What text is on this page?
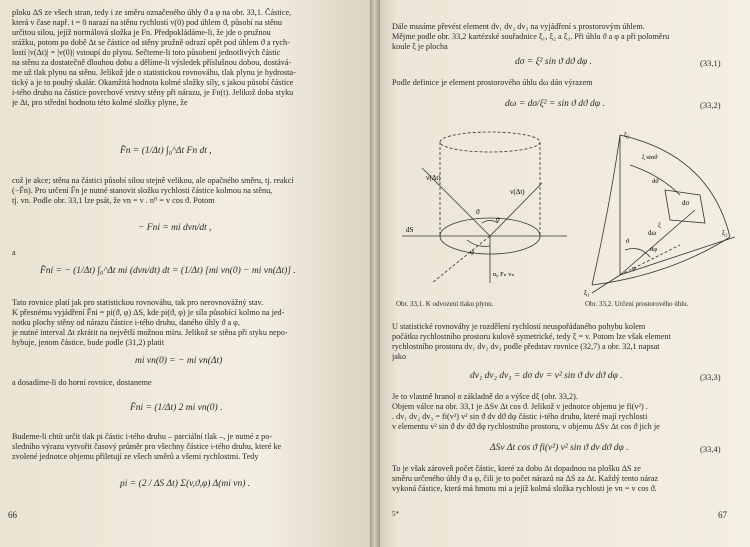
ploku ΔS ze všech stran, tedy i ze směru označeného úhly ϑ a φ na obr. 33,1. Částice,
která v čase např. t = 0 narazí na stěnu rychlostí v(0) pod úhlem ϑ, působí na stěnu
určitou silou, jejíž normálová složka je Fn. Předpokládáme-li, že jde o pružnou
srážku, potom po době Δt se částice od stěny pružně odrazí opět pod úhlem ϑ a rych-
lostí |v(Δt)| = |v(0)| vstoupí do plynu. Sečteme-li toto působení jednotlivých částic
na stěnu za dostatečně dlouhou dobu a dělíme-li výsledek příslušnou dobou, dostává-
me už tlak plynu na stěnu. Jelikož jde o statistickou rovnováhu, tlak plynu je hydrosta-
tický a je to pouhý skalár. Okamžitá hodnota kolmé složky síly, s jakou působí částice
i-tého druhu na částice povrchové vrstvy stěny při nárazu, je Fn(t). Jelikož doba styku
je Δt, pro střední hodnotu této kolmé složky plyne, že
F̄n = (1/Δt) ∫₀^Δt Fn dt ,
což je akce; stěna na částici působí silou stejně velikou, ale opačného směru, tj. reakcí
(−F̄n). Pro určení F̄n je nutné stanovit složku rychlosti částice kolmou na stěnu,
tj. vn. Podle obr. 33,1 lze psát, že vn = v . n⁰ = v cos ϑ. Potom
− Fni = mi dvn/dt ,
a
F̄ni = − (1/Δt) ∫₀^Δt mi (dvn/dt) dt = (1/Δt) [mi vn(0) − mi vn(Δt)] .
Tato rovnice platí jak pro statistickou rovnováhu, tak pro nerovnovážný stav.
K přesnému vyjádření F̄ni = pi(ϑ, φ) ΔS, kde pi(ϑ, φ) je síla působící kolmo na jed-
notku plochy stěny od nárazu částice i-tého druhu, daného úhly ϑ a φ,
je nutné interval Δt zkrátit na největší možnou míru. Jelikož se stěna při styku nepo-
hybuje, jenom částice, bude podle (31,2) platit
mi vn(0) = − mi vn(Δt)
a dosadíme-li do horní rovnice, dostaneme
F̄ni = (1/Δt) 2 mi vn(0) .
Budeme-li chtít určit tlak pi částic i-tého druhu – parciální tlak –, je nutné z po-
sledního výrazu vytvořit časový průměr pro všechny částice i-tého druhu, které ke
zvolené jednotce objemu přiletují ze všech směrů a všemi rychlostmi. Tedy
pi = (2 / ΔS Δt) Σ(v,ϑ,φ) Δ(mi vn) .
66
Dále musíme převést element dv₁ dv₂ dv₃ na vyjádření s prostorovým úhlem.
Mějme podle obr. 33,2 kartézské souřadnice ξ₁, ξ₂ a ξ₃. Při úhlu ϑ a φ a při poloměru
koule ξ je plocha
dσ = ξ² sin ϑ dϑ dφ .	(33,1)
Podle definice je element prostorového úhlu dω dán výrazem
dω = dσ/ξ² = sin ϑ dϑ dφ .	(33,2)
v(Δt)
v(Δt)
dS
ϑ
φ
ϑ
n₀ Fₙ vₙ
Obr. 33,1. K odvození tlaku plynu.
ξ₃
ξ sinϑ
dϑ
dσ
dω
dφ
ϑ
φ
ξ₂
ξ₁
ξ
Obr. 33,2. Určení prostorového úhlu.
U statistické rovnováhy je rozdělení rychlostí neuspořádaného pohybu kolem
počátku rychlostního prostoru kulově symetrické, tedy ξ = v. Potom lze však element
rychlostního prostoru dv₁ dv₂ dv₃ podle představ rovnice (32,7) a obr. 32,1 napsat
jako
dv₁ dv₂ dv₃ = dσ dv = v² sin ϑ dv dϑ dφ .	(33,3)
Je to vlastně hranol o základně dσ a výšce dξ (obr. 33,2).
Objem válce na obr. 33,1 je ΔSv Δt cos ϑ. Jelikož v jednotce objemu je fi(v²) .
. dv₁ dv₂ dv₃ = fi(v²) v² sin ϑ dv dϑ dφ částic i-tého druhu, které mají rychlosti
v elementu v² sin ϑ dv dϑ dφ rychlostního prostoru, v objemu ΔSv Δt cos ϑ jich je
ΔSv Δt cos ϑ fi(v²) v² sin ϑ dv dϑ dφ .	(33,4)
To je však zároveň počet částic, které za dobu Δt dopadnou na plošku ΔS ze
směru určeného úhly ϑ a φ, čili je to počet nárazů na ΔS za Δt. Každý tento náraz
vykoná částice, která má hmotu mi a jejíž kolmá složka rychlosti je vn = v cos ϑ.
5*	67
